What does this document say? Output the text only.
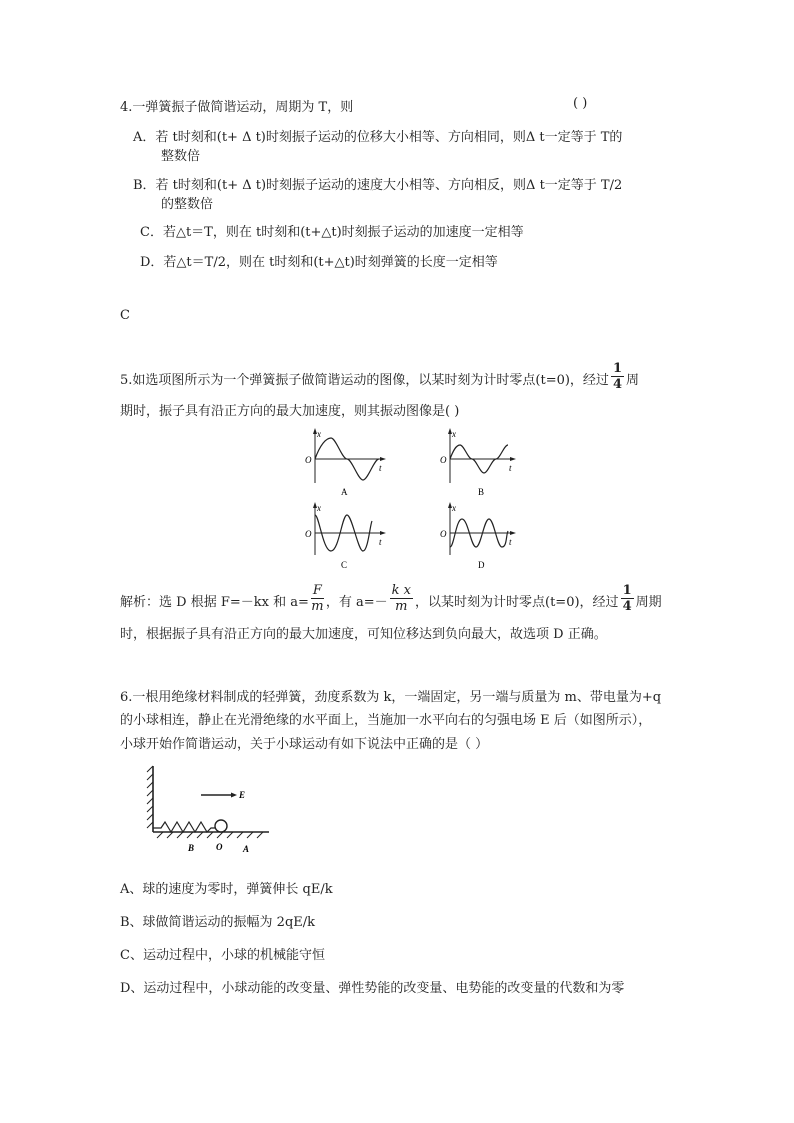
4.一弹簧振子做简谐运动，周期为 T，则	( )
A．若 t时刻和(t+ Δ t)时刻振子运动的位移大小相等、方向相同，则Δ t一定等于 T的
整数倍
B．若 t时刻和(t+ Δ t)时刻振子运动的速度大小相等、方向相反，则Δ t一定等于 T/2
的整数倍
C．若△t＝T，则在 t时刻和(t+△t)时刻振子运动的加速度一定相等
D．若△t＝T/2，则在 t时刻和(t+△t)时刻弹簧的长度一定相等
C
5.如选项图所示为一个弹簧振子做简谐运动的图像，以某时刻为计时零点(t=0)，经过 $\frac{1}{4}$ 周
期时，振子具有沿正方向的最大加速度，则其振动图像是( )
x
t
O
A
x
t
O
B
x
t
O
C
x
t
O
D
解析：选 D 根据 F=－kx 和 $a= \frac{F}{m}$ ，有 $a=- \frac{\text{k x}}{m}$ ，以某时刻为计时零点(t=0)，经过 $\frac{1}{4}$ 周期
时，根据振子具有沿正方向的最大加速度，可知位移达到负向最大，故选项 D 正确。
6.一根用绝缘材料制成的轻弹簧，劲度系数为 k，一端固定，另一端与质量为 m、带电量为+q
的小球相连，静止在光滑绝缘的水平面上，当施加一水平向右的匀强电场 E 后（如图所示），
小球开始作简谐运动，关于小球运动有如下说法中正确的是（ ）
E
B O A
A、球的速度为零时，弹簧伸长 qE/k
B、球做简谐运动的振幅为 2qE/k
C、运动过程中，小球的机械能守恒
D、运动过程中，小球动能的改变量、弹性势能的改变量、电势能的改变量的代数和为零
